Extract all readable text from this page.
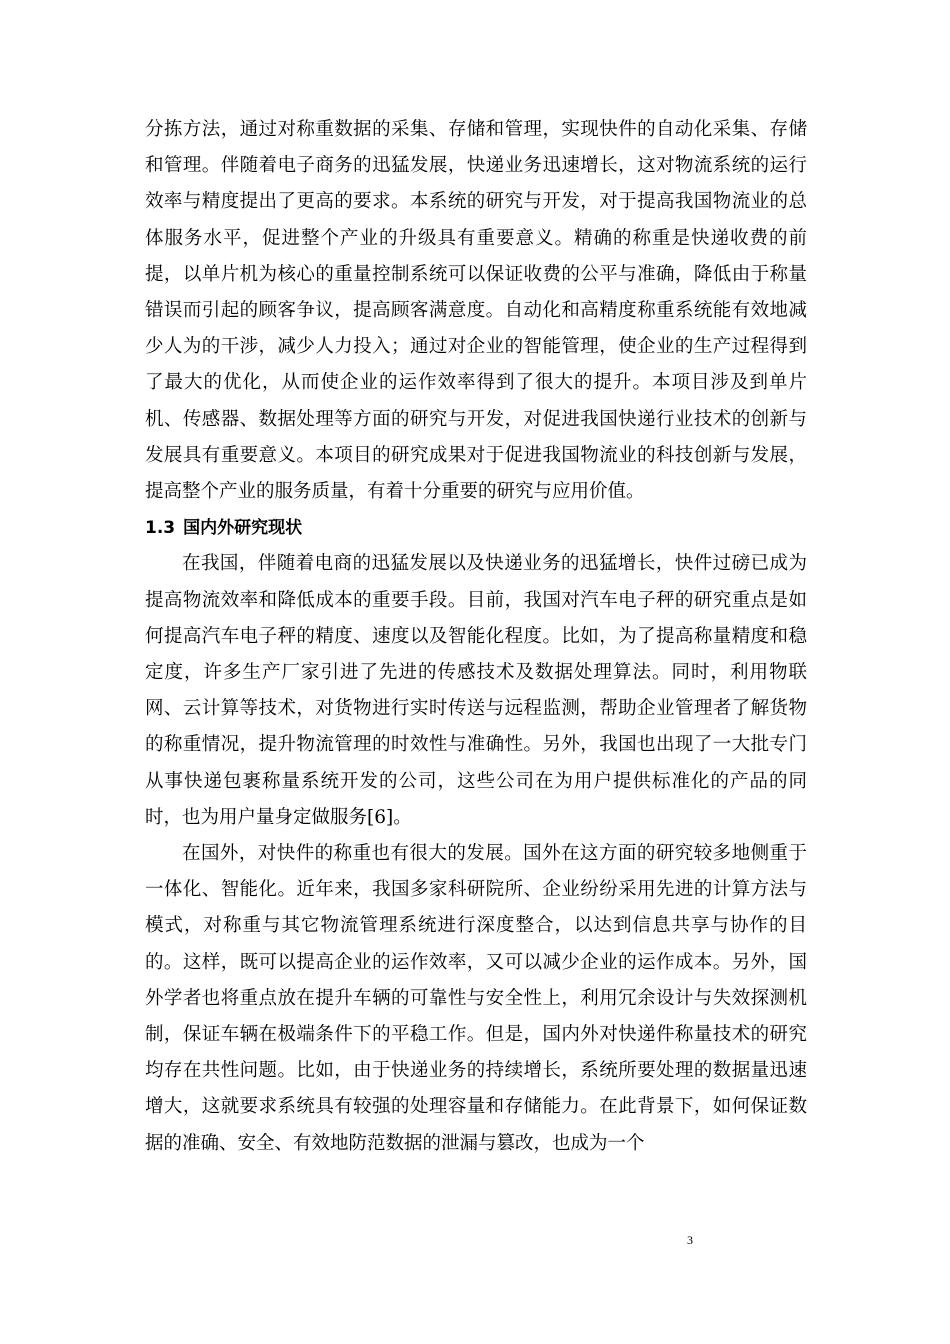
分拣方法，通过对称重数据的采集、存储和管理，实现快件的自动化采集、存储和管理。伴随着电子商务的迅猛发展，快递业务迅速增长，这对物流系统的运行效率与精度提出了更高的要求。本系统的研究与开发，对于提高我国物流业的总体服务水平，促进整个产业的升级具有重要意义。精确的称重是快递收费的前提，以单片机为核心的重量控制系统可以保证收费的公平与准确，降低由于称量错误而引起的顾客争议，提高顾客满意度。自动化和高精度称重系统能有效地减少人为的干涉，减少人力投入；通过对企业的智能管理，使企业的生产过程得到了最大的优化，从而使企业的运作效率得到了很大的提升。本项目涉及到单片机、传感器、数据处理等方面的研究与开发，对促进我国快递行业技术的创新与发展具有重要意义。本项目的研究成果对于促进我国物流业的科技创新与发展，提高整个产业的服务质量，有着十分重要的研究与应用价值。

1.3 国内外研究现状

在我国，伴随着电商的迅猛发展以及快递业务的迅猛增长，快件过磅已成为提高物流效率和降低成本的重要手段。目前，我国对汽车电子秤的研究重点是如何提高汽车电子秤的精度、速度以及智能化程度。比如，为了提高称量精度和稳定度，许多生产厂家引进了先进的传感技术及数据处理算法。同时，利用物联网、云计算等技术，对货物进行实时传送与远程监测，帮助企业管理者了解货物的称重情况，提升物流管理的时效性与准确性。另外，我国也出现了一大批专门从事快递包裹称量系统开发的公司，这些公司在为用户提供标准化的产品的同时，也为用户量身定做服务[6]。

在国外，对快件的称重也有很大的发展。国外在这方面的研究较多地侧重于一体化、智能化。近年来，我国多家科研院所、企业纷纷采用先进的计算方法与模式，对称重与其它物流管理系统进行深度整合，以达到信息共享与协作的目的。这样，既可以提高企业的运作效率，又可以减少企业的运作成本。另外，国外学者也将重点放在提升车辆的可靠性与安全性上，利用冗余设计与失效探测机制，保证车辆在极端条件下的平稳工作。但是，国内外对快递件称量技术的研究均存在共性问题。比如，由于快递业务的持续增长，系统所要处理的数据量迅速增大，这就要求系统具有较强的处理容量和存储能力。在此背景下，如何保证数据的准确、安全、有效地防范数据的泄漏与篡改，也成为一个

3
